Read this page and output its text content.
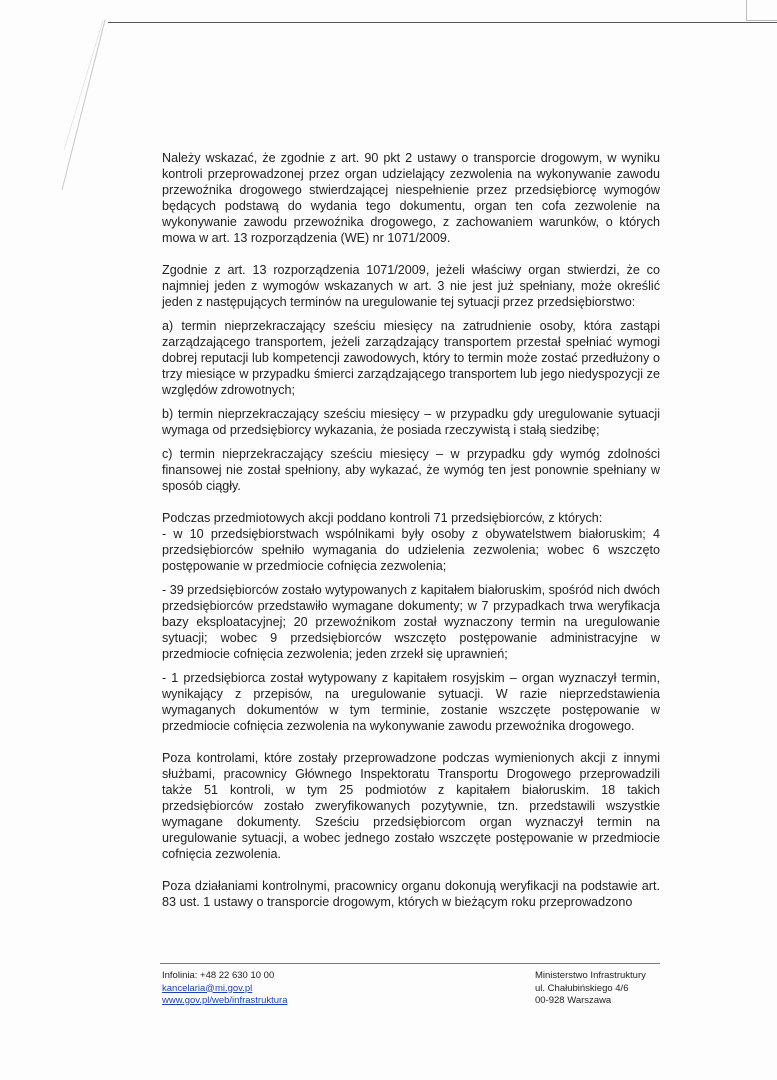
Należy wskazać, że zgodnie z art. 90 pkt 2 ustawy o transporcie drogowym, w wyniku kontroli przeprowadzonej przez organ udzielający zezwolenia na wykonywanie zawodu przewoźnika drogowego stwierdzającej niespełnienie przez przedsiębiorcę wymogów będących podstawą do wydania tego dokumentu, organ ten cofa zezwolenie na wykonywanie zawodu przewoźnika drogowego, z zachowaniem warunków, o których mowa w art. 13 rozporządzenia (WE) nr 1071/2009.

Zgodnie z art. 13 rozporządzenia 1071/2009, jeżeli właściwy organ stwierdzi, że co najmniej jeden z wymogów wskazanych w art. 3 nie jest już spełniany, może określić jeden z następujących terminów na uregulowanie tej sytuacji przez przedsiębiorstwo:

a) termin nieprzekraczający sześciu miesięcy na zatrudnienie osoby, która zastąpi zarządzającego transportem, jeżeli zarządzający transportem przestał spełniać wymogi dobrej reputacji lub kompetencji zawodowych, który to termin może zostać przedłużony o trzy miesiące w przypadku śmierci zarządzającego transportem lub jego niedyspozycji ze względów zdrowotnych;

b) termin nieprzekraczający sześciu miesięcy – w przypadku gdy uregulowanie sytuacji wymaga od przedsiębiorcy wykazania, że posiada rzeczywistą i stałą siedzibę;

c) termin nieprzekraczający sześciu miesięcy – w przypadku gdy wymóg zdolności finansowej nie został spełniony, aby wykazać, że wymóg ten jest ponownie spełniany w sposób ciągły.

Podczas przedmiotowych akcji poddano kontroli 71 przedsiębiorców, z których:

- w 10 przedsiębiorstwach wspólnikami były osoby z obywatelstwem białoruskim; 4 przedsiębiorców spełniło wymagania do udzielenia zezwolenia; wobec 6 wszczęto postępowanie w przedmiocie cofnięcia zezwolenia;

- 39 przedsiębiorców zostało wytypowanych z kapitałem białoruskim, spośród nich dwóch przedsiębiorców przedstawiło wymagane dokumenty; w 7 przypadkach trwa weryfikacja bazy eksploatacyjnej; 20 przewoźnikom został wyznaczony termin na uregulowanie sytuacji; wobec 9 przedsiębiorców wszczęto postępowanie administracyjne w przedmiocie cofnięcia zezwolenia; jeden zrzekł się uprawnień;

- 1 przedsiębiorca został wytypowany z kapitałem rosyjskim – organ wyznaczył termin, wynikający z przepisów, na uregulowanie sytuacji. W razie nieprzedstawienia wymaganych dokumentów w tym terminie, zostanie wszczęte postępowanie w przedmiocie cofnięcia zezwolenia na wykonywanie zawodu przewoźnika drogowego.

Poza kontrolami, które zostały przeprowadzone podczas wymienionych akcji z innymi służbami, pracownicy Głównego Inspektoratu Transportu Drogowego przeprowadzili także 51 kontroli, w tym 25 podmiotów z kapitałem białoruskim. 18 takich przedsiębiorców zostało zweryfikowanych pozytywnie, tzn. przedstawili wszystkie wymagane dokumenty. Sześciu przedsiębiorcom organ wyznaczył termin na uregulowanie sytuacji, a wobec jednego zostało wszczęte postępowanie w przedmiocie cofnięcia zezwolenia.

Poza działaniami kontrolnymi, pracownicy organu dokonują weryfikacji na podstawie art. 83 ust. 1 ustawy o transporcie drogowym, których w bieżącym roku przeprowadzono

Infolinia: +48 22 630 10 00
kancelaria@mi.gov.pl
www.gov.pl/web/infrastruktura
Ministerstwo Infrastruktury
ul. Chałubińskiego 4/6
00-928 Warszawa
